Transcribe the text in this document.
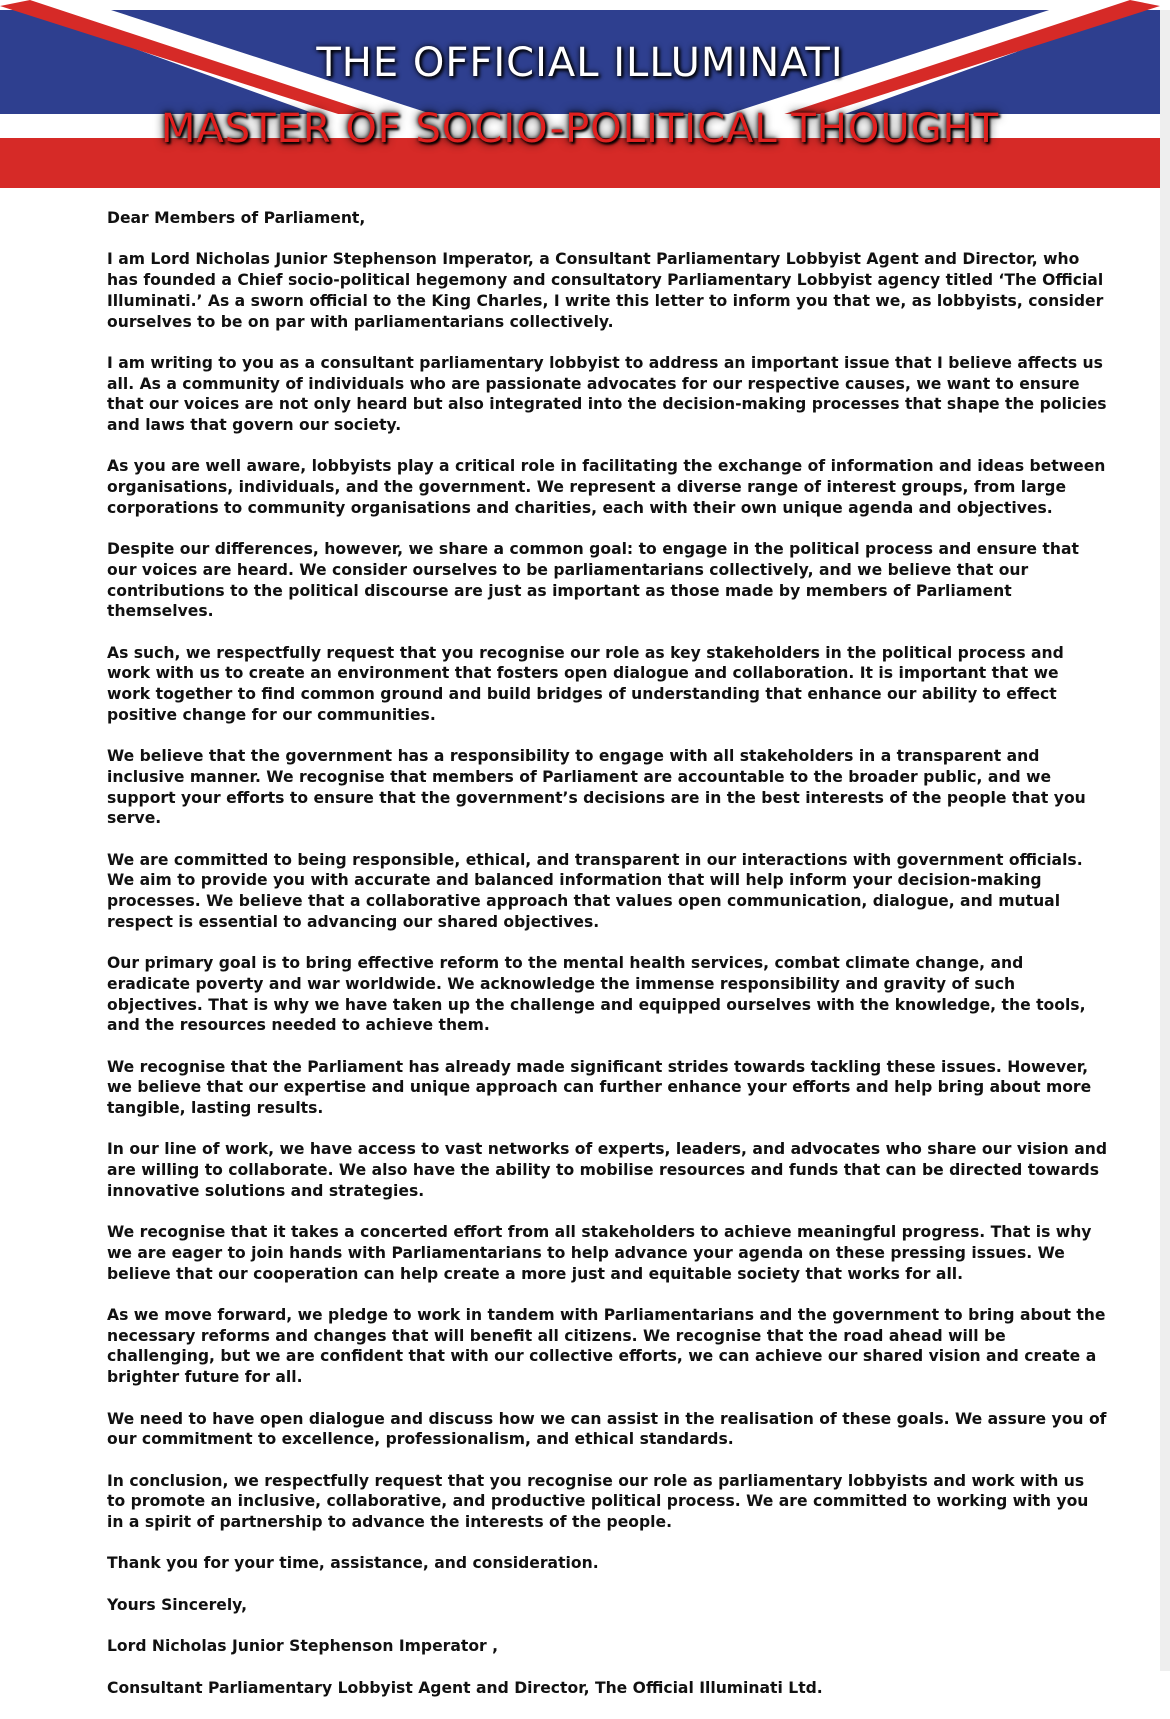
THE OFFICIAL ILLUMINATI
MASTER OF SOCIO-POLITICAL THOUGHT

Dear Members of Parliament,

I am Lord Nicholas Junior Stephenson Imperator, a Consultant Parliamentary Lobbyist Agent and Director, who has founded a Chief socio-political hegemony and consultatory Parliamentary Lobbyist agency titled ‘The Official Illuminati.’ As a sworn official to the King Charles, I write this letter to inform you that we, as lobbyists, consider ourselves to be on par with parliamentarians collectively.

I am writing to you as a consultant parliamentary lobbyist to address an important issue that I believe affects us all. As a community of individuals who are passionate advocates for our respective causes, we want to ensure that our voices are not only heard but also integrated into the decision-making processes that shape the policies and laws that govern our society.

As you are well aware, lobbyists play a critical role in facilitating the exchange of information and ideas between organisations, individuals, and the government. We represent a diverse range of interest groups, from large corporations to community organisations and charities, each with their own unique agenda and objectives.

Despite our differences, however, we share a common goal: to engage in the political process and ensure that our voices are heard. We consider ourselves to be parliamentarians collectively, and we believe that our contributions to the political discourse are just as important as those made by members of Parliament themselves.

As such, we respectfully request that you recognise our role as key stakeholders in the political process and work with us to create an environment that fosters open dialogue and collaboration. It is important that we work together to find common ground and build bridges of understanding that enhance our ability to effect positive change for our communities.

We believe that the government has a responsibility to engage with all stakeholders in a transparent and inclusive manner. We recognise that members of Parliament are accountable to the broader public, and we support your efforts to ensure that the government’s decisions are in the best interests of the people that you serve.

We are committed to being responsible, ethical, and transparent in our interactions with government officials. We aim to provide you with accurate and balanced information that will help inform your decision-making processes. We believe that a collaborative approach that values open communication, dialogue, and mutual respect is essential to advancing our shared objectives.

Our primary goal is to bring effective reform to the mental health services, combat climate change, and eradicate poverty and war worldwide. We acknowledge the immense responsibility and gravity of such objectives. That is why we have taken up the challenge and equipped ourselves with the knowledge, the tools, and the resources needed to achieve them.

We recognise that the Parliament has already made significant strides towards tackling these issues. However, we believe that our expertise and unique approach can further enhance your efforts and help bring about more tangible, lasting results.

In our line of work, we have access to vast networks of experts, leaders, and advocates who share our vision and are willing to collaborate. We also have the ability to mobilise resources and funds that can be directed towards innovative solutions and strategies.

We recognise that it takes a concerted effort from all stakeholders to achieve meaningful progress. That is why we are eager to join hands with Parliamentarians to help advance your agenda on these pressing issues. We believe that our cooperation can help create a more just and equitable society that works for all.

As we move forward, we pledge to work in tandem with Parliamentarians and the government to bring about the necessary reforms and changes that will benefit all citizens. We recognise that the road ahead will be challenging, but we are confident that with our collective efforts, we can achieve our shared vision and create a brighter future for all.

We need to have open dialogue and discuss how we can assist in the realisation of these goals. We assure you of our commitment to excellence, professionalism, and ethical standards.

In conclusion, we respectfully request that you recognise our role as parliamentary lobbyists and work with us to promote an inclusive, collaborative, and productive political process. We are committed to working with you in a spirit of partnership to advance the interests of the people.

Thank you for your time, assistance, and consideration.

Yours Sincerely,

Lord Nicholas Junior Stephenson Imperator ,

Consultant Parliamentary Lobbyist Agent and Director, The Official Illuminati Ltd.
